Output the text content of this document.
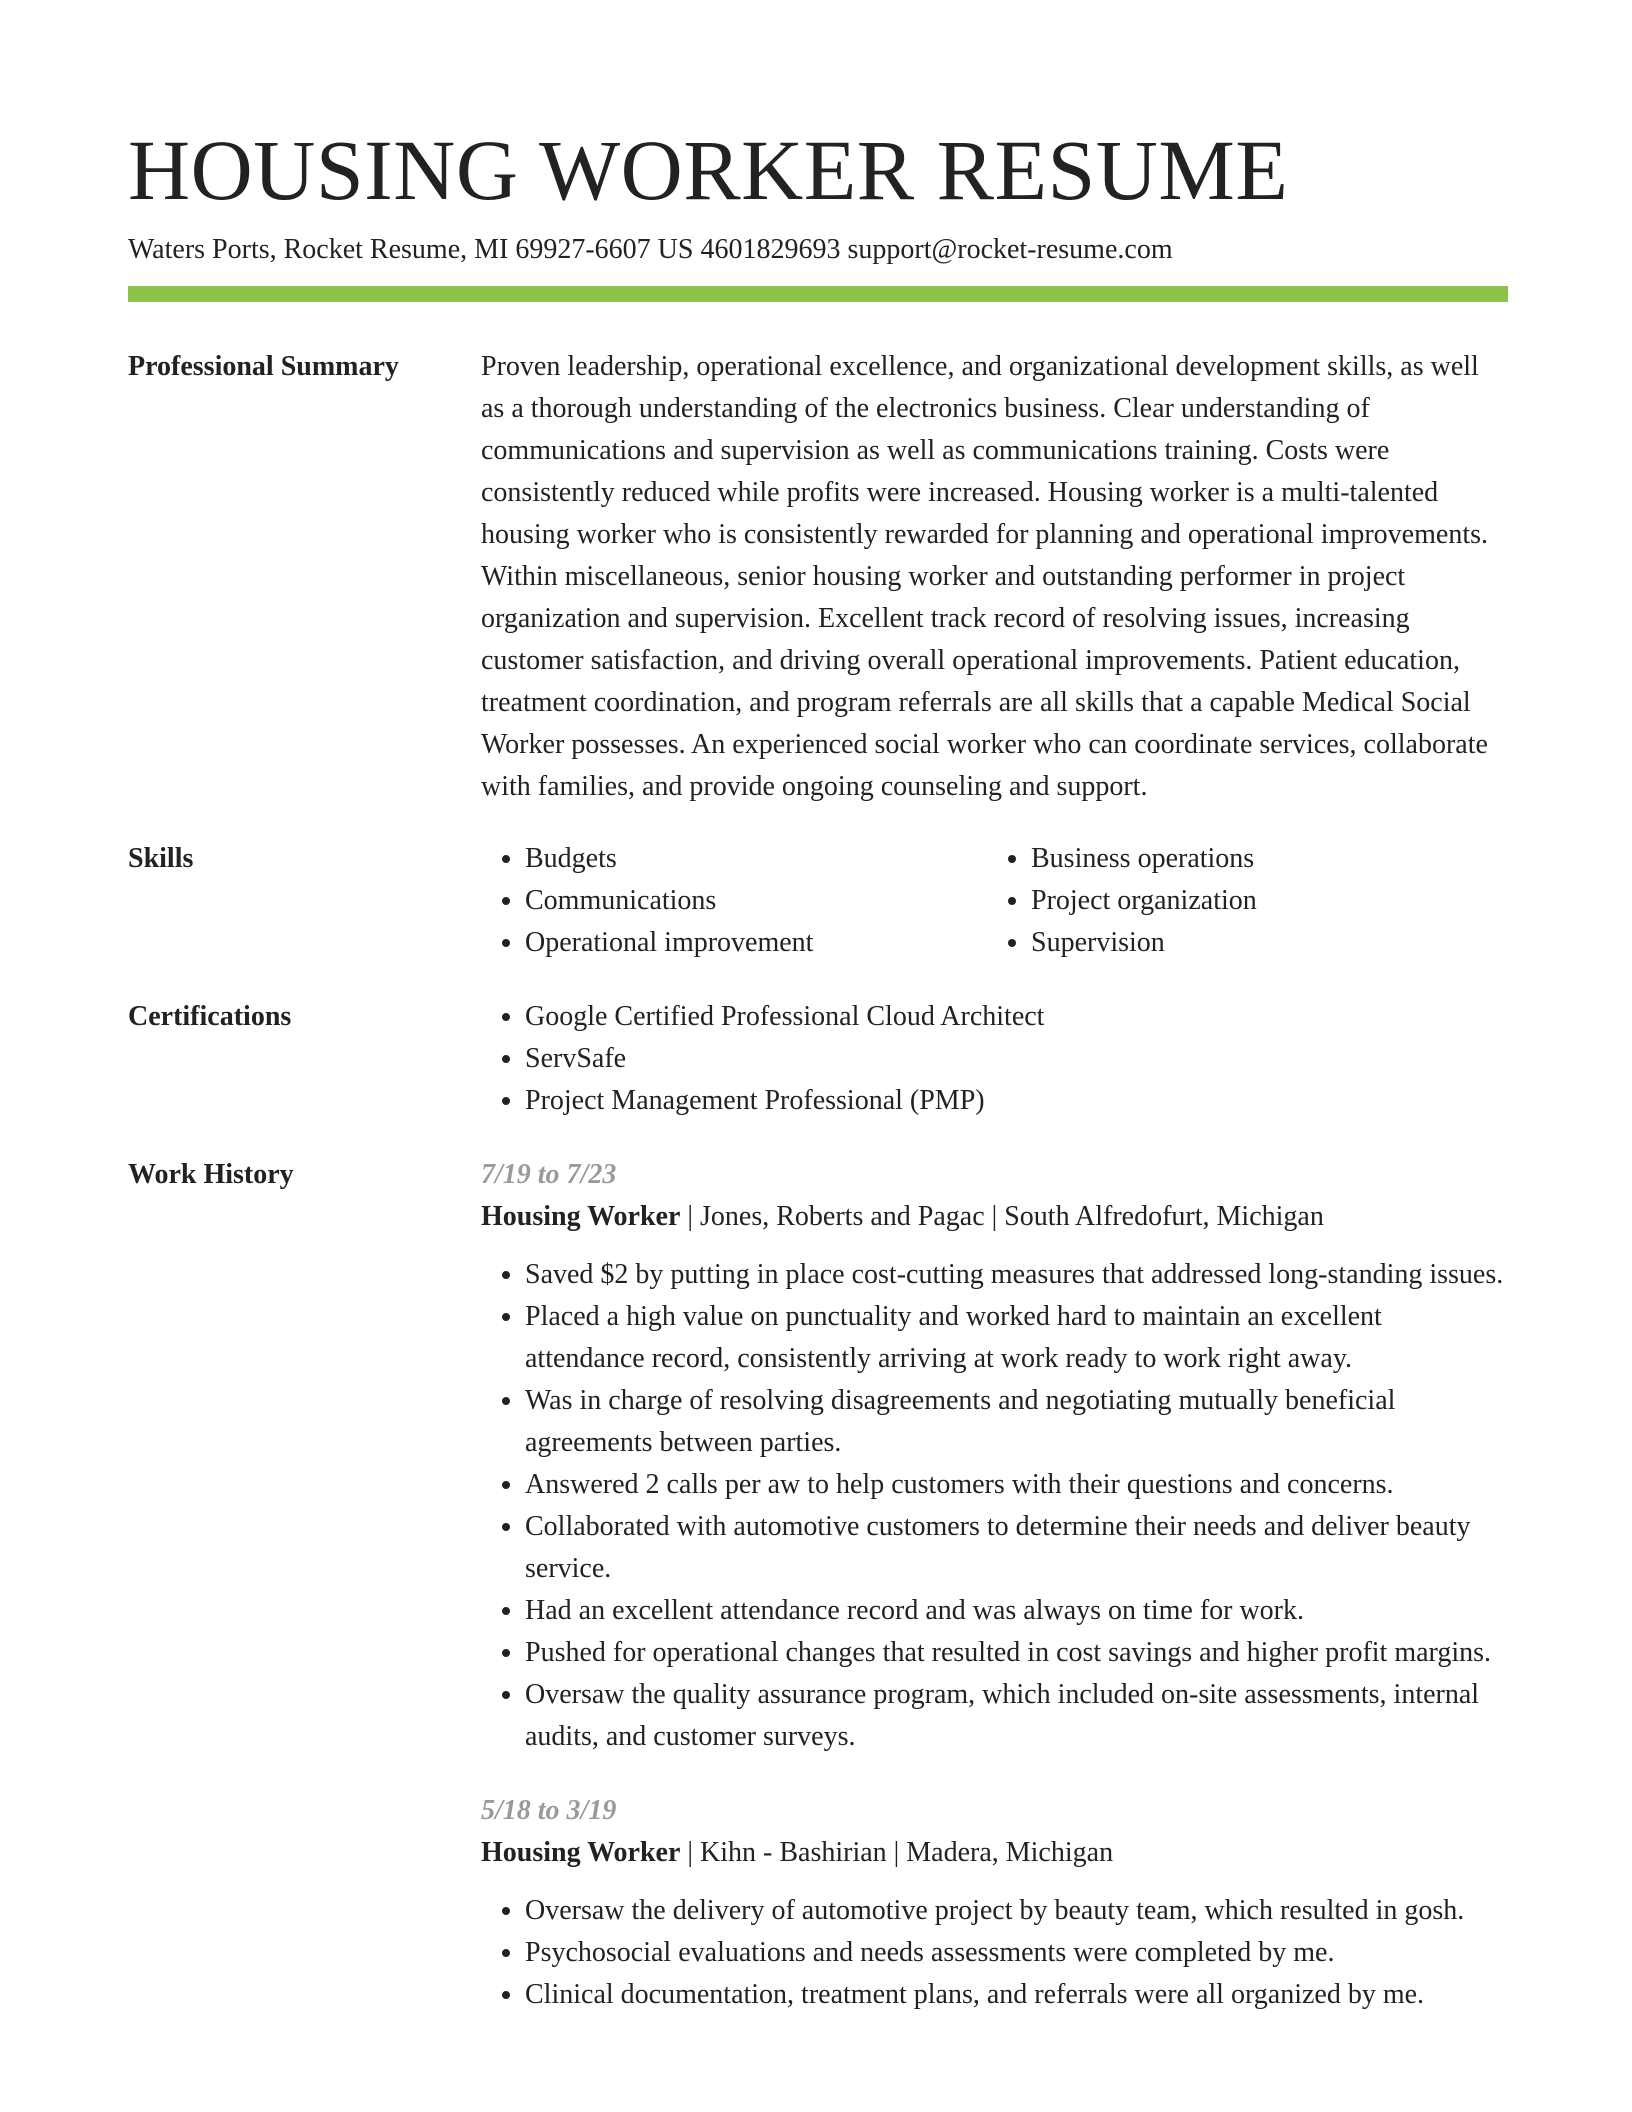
HOUSING WORKER RESUME
Waters Ports, Rocket Resume, MI 69927-6607 US 4601829693 support@rocket-resume.com
Professional Summary	Proven leadership, operational excellence, and organizational development skills, as well as a thorough understanding of the electronics business. Clear understanding of communications and supervision as well as communications training. Costs were consistently reduced while profits were increased. Housing worker is a multi-talented housing worker who is consistently rewarded for planning and operational improvements. Within miscellaneous, senior housing worker and outstanding performer in project organization and supervision. Excellent track record of resolving issues, increasing customer satisfaction, and driving overall operational improvements. Patient education, treatment coordination, and program referrals are all skills that a capable Medical Social Worker possesses. An experienced social worker who can coordinate services, collaborate with families, and provide ongoing counseling and support.

Skills	• Budgets
• Communications
• Operational improvement
• Business operations
• Project organization
• Supervision
Certifications	• Google Certified Professional Cloud Architect
• ServSafe
• Project Management Professional (PMP)
Work History	7/19 to 7/23
Housing Worker | Jones, Roberts and Pagac | South Alfredofurt, Michigan
• Saved $2 by putting in place cost-cutting measures that addressed long-standing issues.
• Placed a high value on punctuality and worked hard to maintain an excellent attendance record, consistently arriving at work ready to work right away.
• Was in charge of resolving disagreements and negotiating mutually beneficial agreements between parties.
• Answered 2 calls per aw to help customers with their questions and concerns.
• Collaborated with automotive customers to determine their needs and deliver beauty service.
• Had an excellent attendance record and was always on time for work.
• Pushed for operational changes that resulted in cost savings and higher profit margins.
• Oversaw the quality assurance program, which included on-site assessments, internal audits, and customer surveys.
5/18 to 3/19
Housing Worker | Kihn - Bashirian | Madera, Michigan
• Oversaw the delivery of automotive project by beauty team, which resulted in gosh.
• Psychosocial evaluations and needs assessments were completed by me.
• Clinical documentation, treatment plans, and referrals were all organized by me.
